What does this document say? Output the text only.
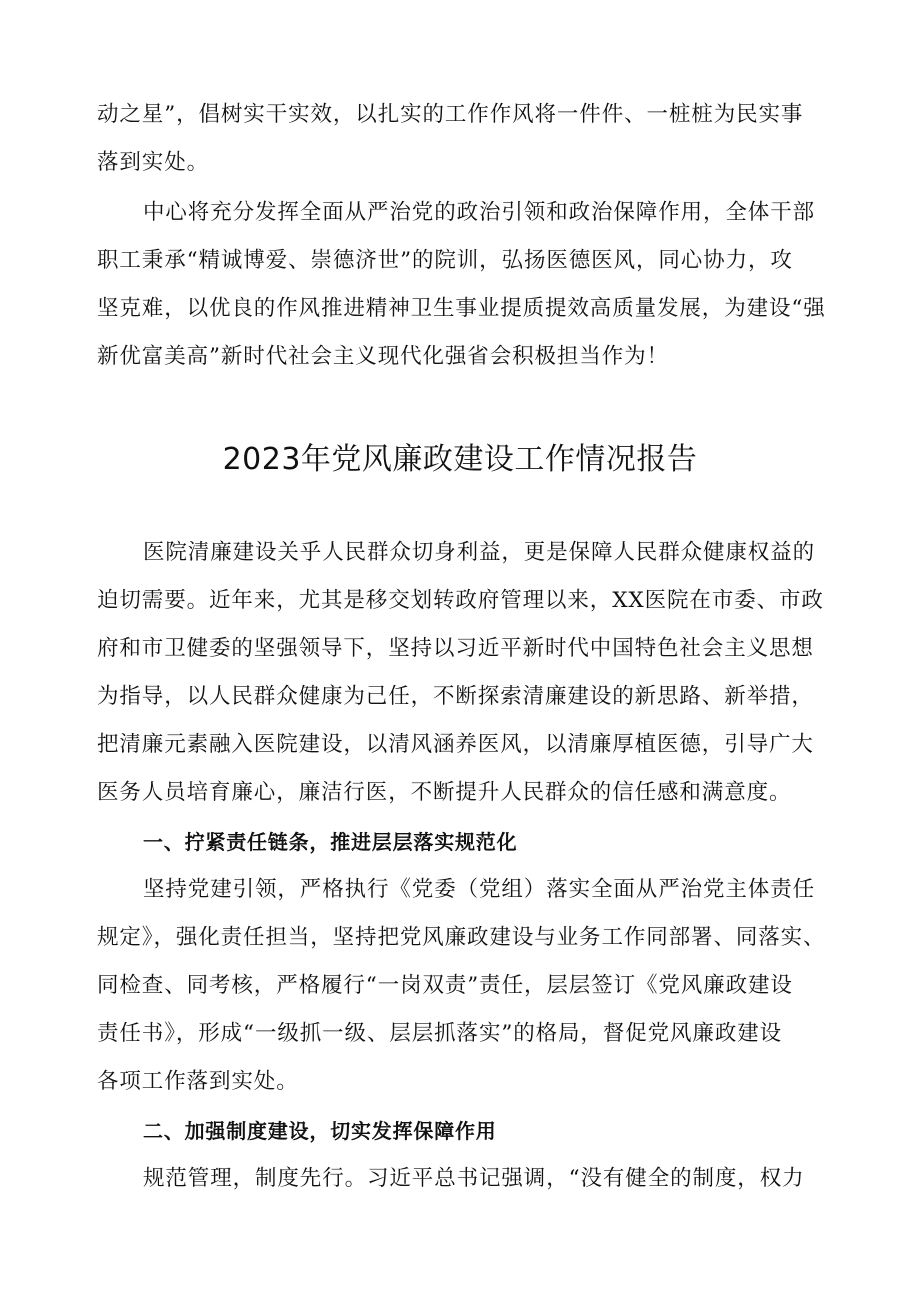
动之星”，倡树实干实效，以扎实的工作作风将一件件、一桩桩为民实事
落到实处。
中心将充分发挥全面从严治党的政治引领和政治保障作用，全体干部
职工秉承“精诚博爱、崇德济世”的院训，弘扬医德医风，同心协力，攻
坚克难，以优良的作风推进精神卫生事业提质提效高质量发展，为建设“强
新优富美高”新时代社会主义现代化强省会积极担当作为！
2023年党风廉政建设工作情况报告
医院清廉建设关乎人民群众切身利益，更是保障人民群众健康权益的
迫切需要。近年来，尤其是移交划转政府管理以来，XX医院在市委、市政
府和市卫健委的坚强领导下，坚持以习近平新时代中国特色社会主义思想
为指导，以人民群众健康为己任，不断探索清廉建设的新思路、新举措，
把清廉元素融入医院建设，以清风涵养医风，以清廉厚植医德，引导广大
医务人员培育廉心，廉洁行医，不断提升人民群众的信任感和满意度。
一、拧紧责任链条，推进层层落实规范化
坚持党建引领，严格执行《党委（党组）落实全面从严治党主体责任
规定》，强化责任担当，坚持把党风廉政建设与业务工作同部署、同落实、
同检查、同考核，严格履行“一岗双责”责任，层层签订《党风廉政建设
责任书》，形成“一级抓一级、层层抓落实”的格局，督促党风廉政建设
各项工作落到实处。
二、加强制度建设，切实发挥保障作用
规范管理，制度先行。习近平总书记强调，“没有健全的制度，权力
